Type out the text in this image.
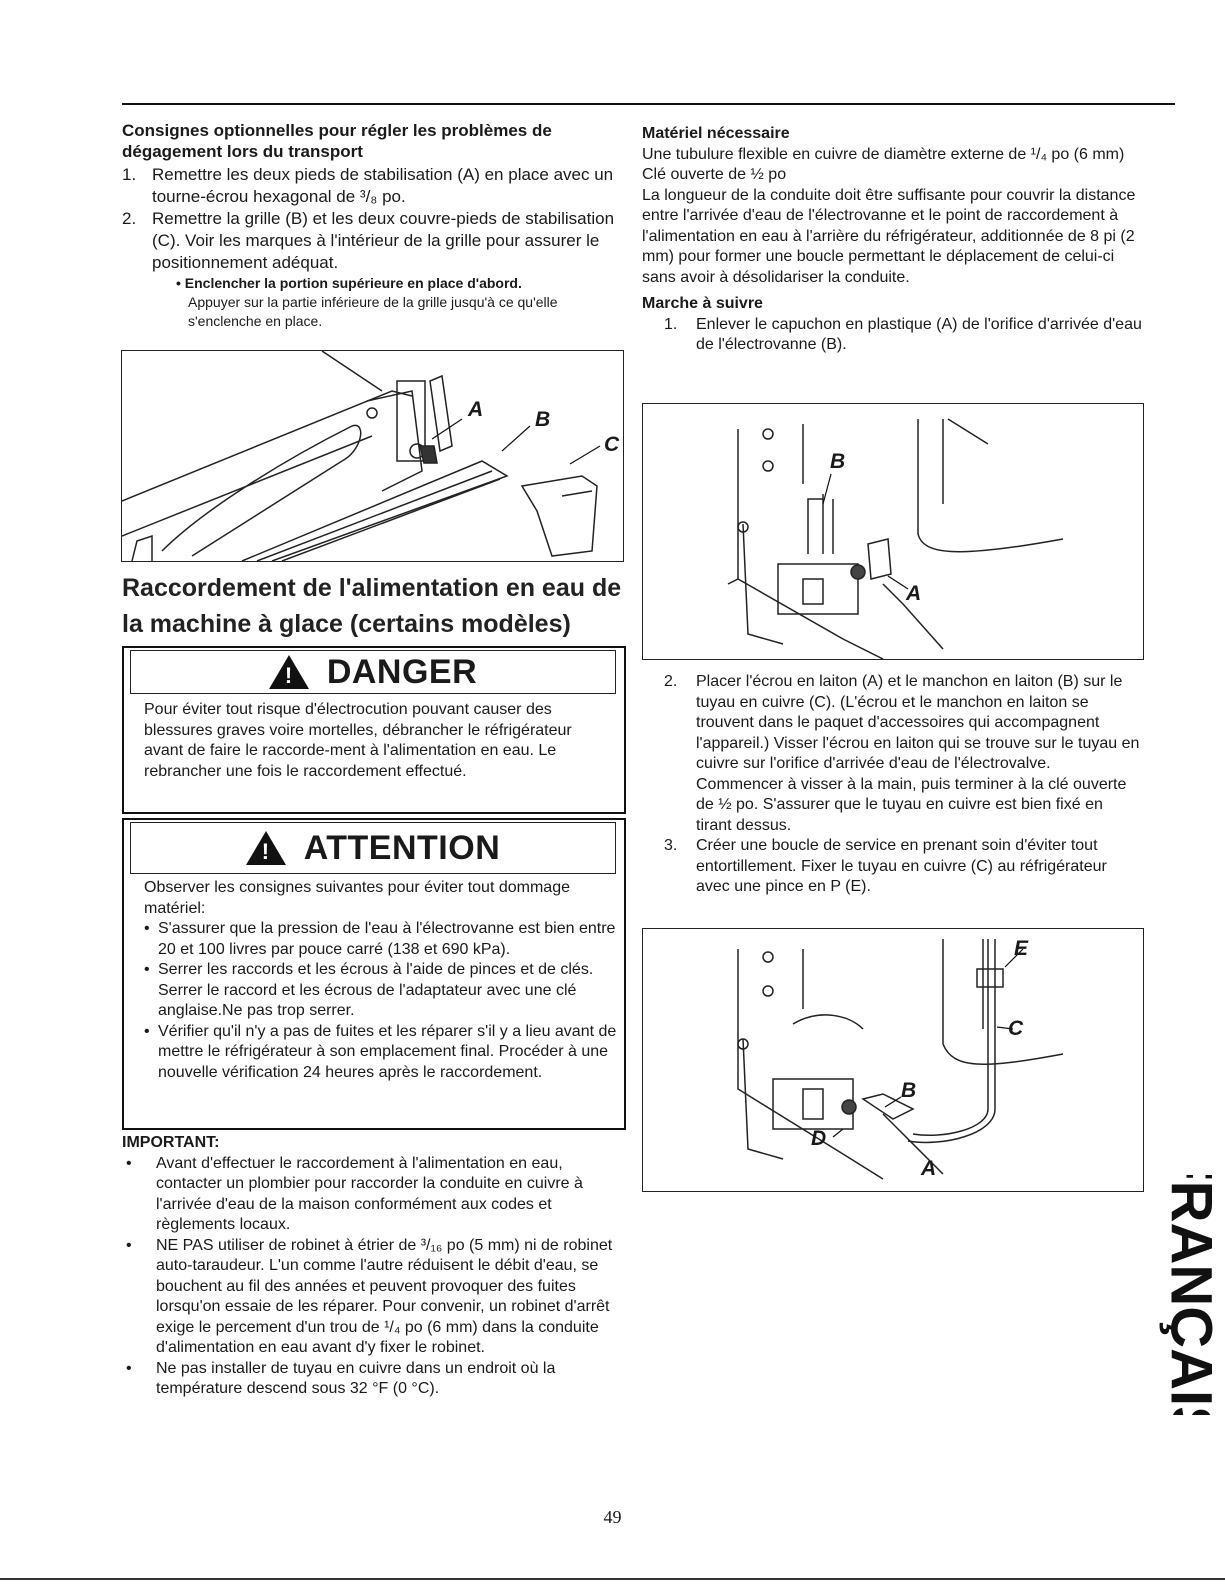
Consignes optionnelles pour régler les problèmes de dégagement lors du transport

1. Remettre les deux pieds de stabilisation (A) en place avec un tourne-écrou hexagonal de ³/₈ po.
2. Remettre la grille (B) et les deux couvre-pieds de stabilisation (C). Voir les marques à l'intérieur de la grille pour assurer le positionnement adéquat.
• Enclencher la portion supérieure en place d'abord.
Appuyer sur la partie inférieure de la grille jusqu'à ce qu'elle s'enclenche en place.
A B
C
Raccordement de l'alimentation en eau de la machine à glace (certains modèles)
!
DANGER
Pour éviter tout risque d'électrocution pouvant causer des blessures graves voire mortelles, débrancher le réfrigérateur avant de faire le raccorde-ment à l'alimentation en eau. Le rebrancher une fois le raccordement effectué.
!
ATTENTION
Observer les consignes suivantes pour éviter tout dommage matériel:
• S'assurer que la pression de l'eau à l'électrovanne est bien entre 20 et 100 livres par pouce carré (138 et 690 kPa).
• Serrer les raccords et les écrous à l'aide de pinces et de clés. Serrer le raccord et les écrous de l'adaptateur avec une clé anglaise.Ne pas trop serrer.
• Vérifier qu'il n'y a pas de fuites et les réparer s'il y a lieu avant de mettre le réfrigérateur à son emplacement final. Procéder à une nouvelle vérification 24 heures après le raccordement.
IMPORTANT:
•	Avant d'effectuer le raccordement à l'alimentation en eau, contacter un plombier pour raccorder la conduite en cuivre à l'arrivée d'eau de la maison conformément aux codes et règlements locaux.
•	NE PAS utiliser de robinet à étrier de ³/₁₆ po (5 mm) ni de robinet auto-taraudeur. L'un comme l'autre réduisent le débit d'eau, se bouchent au fil des années et peuvent provoquer des fuites lorsqu'on essaie de les réparer. Pour convenir, un robinet d'arrêt exige le percement d'un trou de ¹/₄ po (6 mm) dans la conduite d'alimentation en eau avant d'y fixer le robinet.
•	Ne pas installer de tuyau en cuivre dans un endroit où la température descend sous 32 °F (0 °C).
Matériel nécessaire
Une tubulure flexible en cuivre de diamètre externe de ¹/₄ po (6 mm)
Clé ouverte de ½ po
La longueur de la conduite doit être suffisante pour couvrir la distance entre l'arrivée d'eau de l'électrovanne et le point de raccordement à l'alimentation en eau à l'arrière du réfrigérateur, additionnée de 8 pi (2 mm) pour former une boucle permettant le déplacement de celui-ci sans avoir à désolidariser la conduite.
Marche à suivre
1.	Enlever le capuchon en plastique (A) de l'orifice d'arrivée d'eau de l'électrovanne (B).
B
A
2.	Placer l'écrou en laiton (A) et le manchon en laiton (B) sur le tuyau en cuivre (C). (L'écrou et le manchon en laiton se trouvent dans le paquet d'accessoires qui accompagnent l'appareil.) Visser l'écrou en laiton qui se trouve sur le tuyau en cuivre sur l'orifice d'arrivée d'eau de l'électrovalve. Commencer à visser à la main, puis terminer à la clé ouverte de ½ po. S'assurer que le tuyau en cuivre est bien fixé en tirant dessus.
3.	Créer une boucle de service en prenant soin d'éviter tout entortillement. Fixer le tuyau en cuivre (C) au réfrigérateur avec une pince en P (E).
E
C
B
D
A	FRANÇAIS
49
